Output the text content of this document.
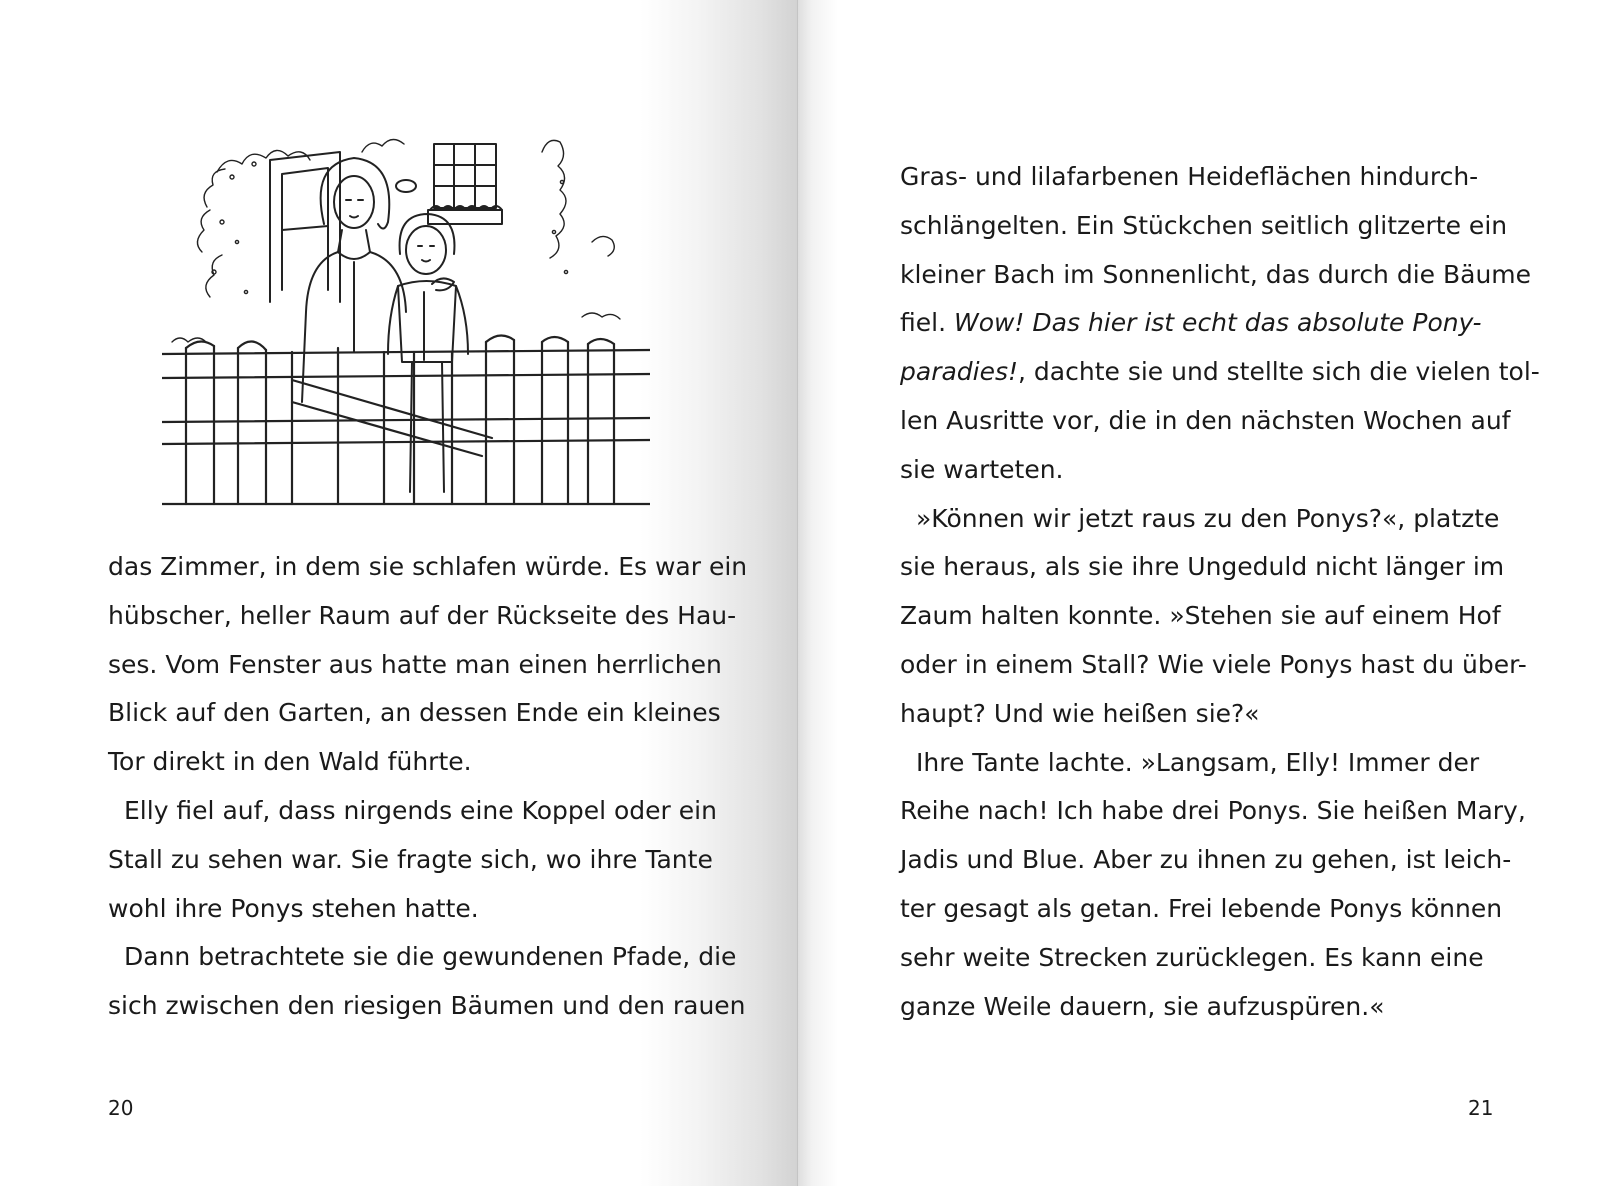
das Zimmer, in dem sie schlafen würde. Es war ein
hübscher, heller Raum auf der Rückseite des Hau-
ses. Vom Fenster aus hatte man einen herrlichen
Blick auf den Garten, an dessen Ende ein kleines
Tor direkt in den Wald führte.
Elly fiel auf, dass nirgends eine Koppel oder ein
Stall zu sehen war. Sie fragte sich, wo ihre Tante
wohl ihre Ponys stehen hatte.
Dann betrachtete sie die gewundenen Pfade, die
sich zwischen den riesigen Bäumen und den rauen
20
Gras- und lilafarbenen Heideflächen hindurch-
schlängelten. Ein Stückchen seitlich glitzerte ein
kleiner Bach im Sonnenlicht, das durch die Bäume
fiel. Wow! Das hier ist echt das absolute Pony-
paradies!, dachte sie und stellte sich die vielen tol-
len Ausritte vor, die in den nächsten Wochen auf
sie warteten.
»Können wir jetzt raus zu den Ponys?«, platzte
sie heraus, als sie ihre Ungeduld nicht länger im
Zaum halten konnte. »Stehen sie auf einem Hof
oder in einem Stall? Wie viele Ponys hast du über-
haupt? Und wie heißen sie?«
Ihre Tante lachte. »Langsam, Elly! Immer der
Reihe nach! Ich habe drei Ponys. Sie heißen Mary,
Jadis und Blue. Aber zu ihnen zu gehen, ist leich-
ter gesagt als getan. Frei lebende Ponys können
sehr weite Strecken zurücklegen. Es kann eine
ganze Weile dauern, sie aufzuspüren.«
21
